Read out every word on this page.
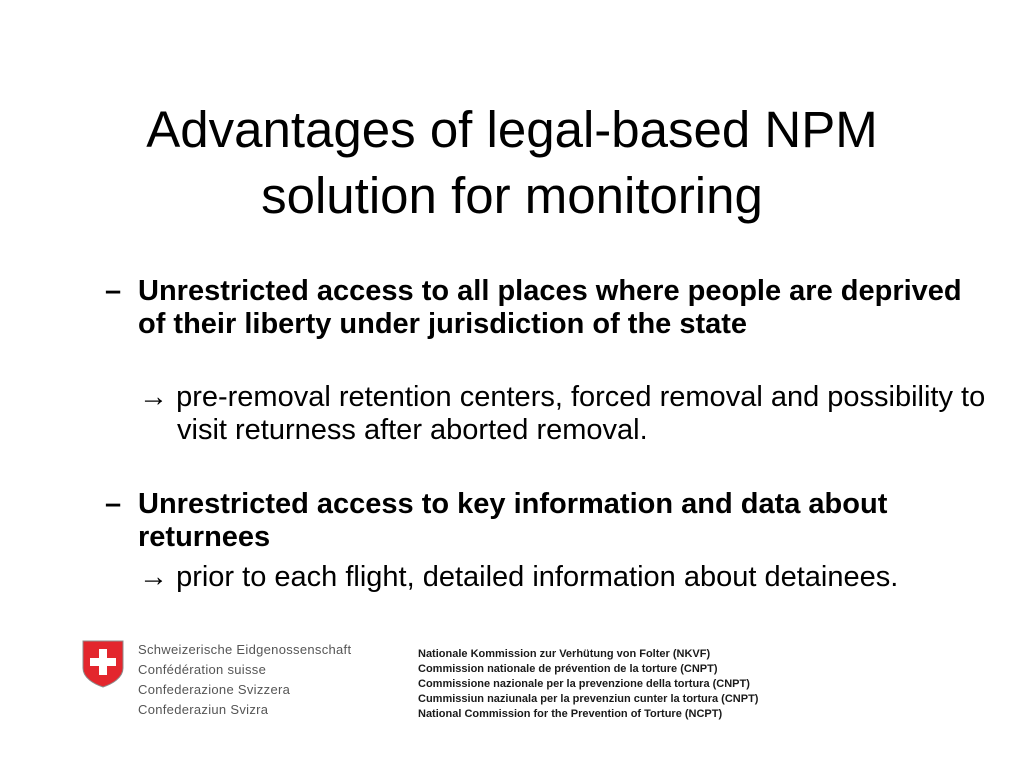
Advantages of legal-based NPM
solution for monitoring
– Unrestricted access to all places where people are deprived of their liberty under jurisdiction of the state
→ pre-removal retention centers, forced removal and possibility to visit returness after aborted removal.
– Unrestricted access to key information and data about returnees
→ prior to each flight, detailed information about detainees.
Schweizerische Eidgenossenschaft
Confédération suisse
Confederazione Svizzera
Confederaziun Svizra
Nationale Kommission zur Verhütung von Folter (NKVF)
Commission nationale de prévention de la torture (CNPT)
Commissione nazionale per la prevenzione della tortura (CNPT)
Cummissiun naziunala per la prevenziun cunter la tortura (CNPT)
National Commission for the Prevention of Torture (NCPT)
